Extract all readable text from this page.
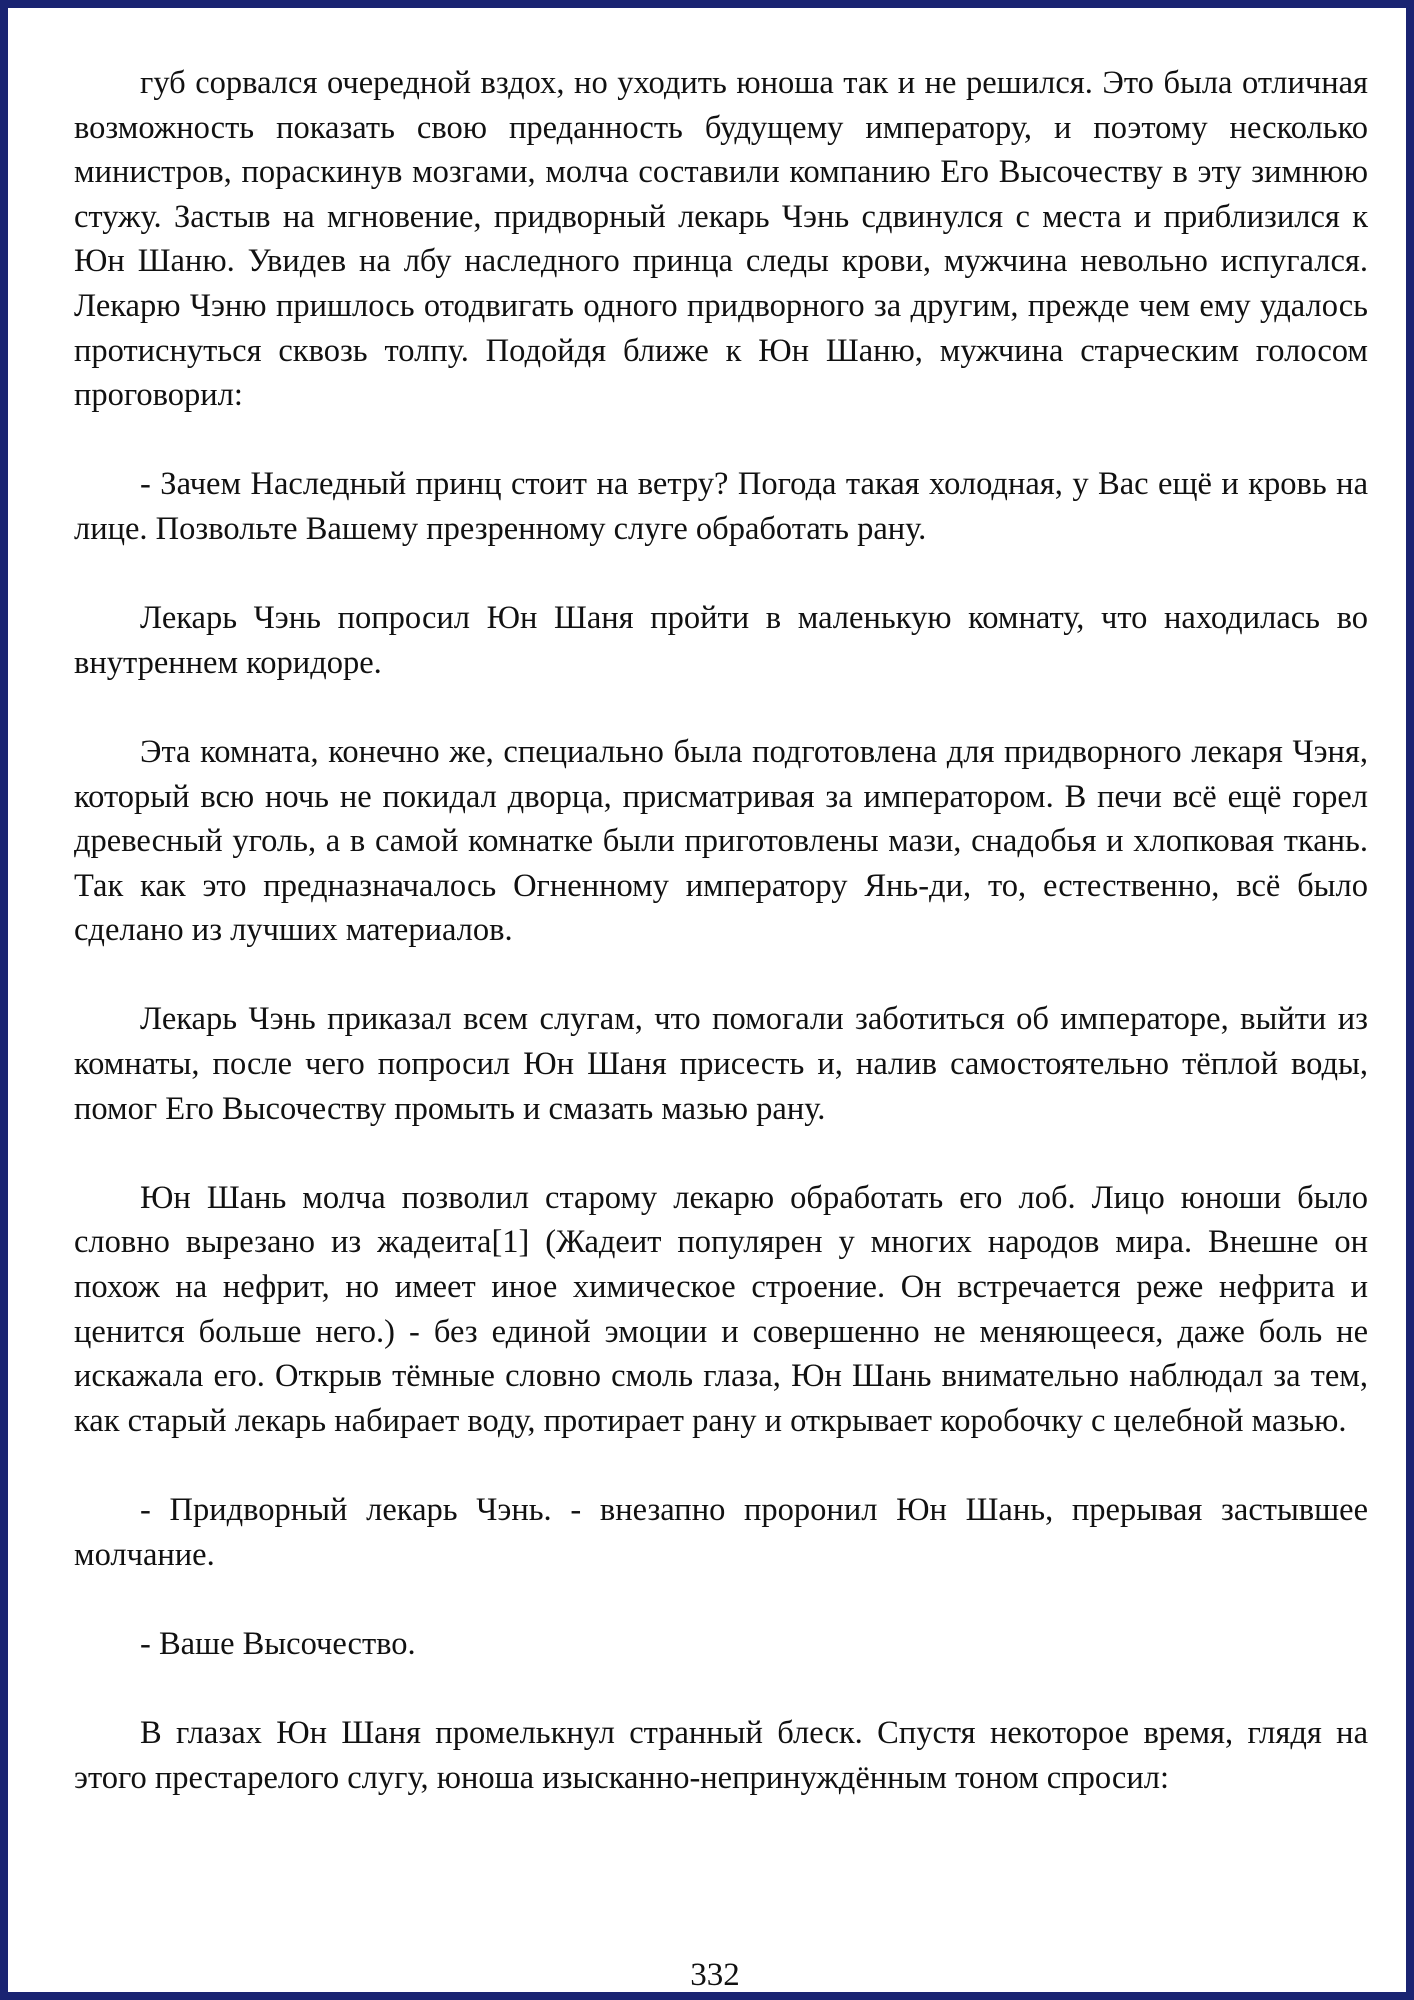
губ сорвался очередной вздох, но уходить юноша так и не решился. Это была отличная возможность показать свою преданность будущему императору, и поэтому несколько министров, пораскинув мозгами, молча составили компанию Его Высочеству в эту зимнюю стужу. Застыв на мгновение, придворный лекарь Чэнь сдвинулся с места и приблизился к Юн Шаню. Увидев на лбу наследного принца следы крови, мужчина невольно испугался. Лекарю Чэню пришлось отодвигать одного придворного за другим, прежде чем ему удалось протиснуться сквозь толпу. Подойдя ближе к Юн Шаню, мужчина старческим голосом проговорил:

- Зачем Наследный принц стоит на ветру? Погода такая холодная, у Вас ещё и кровь на лице. Позвольте Вашему презренному слуге обработать рану.

Лекарь Чэнь попросил Юн Шаня пройти в маленькую комнату, что находилась во внутреннем коридоре.

Эта комната, конечно же, специально была подготовлена для придворного лекаря Чэня, который всю ночь не покидал дворца, присматривая за императором. В печи всё ещё горел древесный уголь, а в самой комнатке были приготовлены мази, снадобья и хлопковая ткань. Так как это предназначалось Огненному императору Янь-ди, то, естественно, всё было сделано из лучших материалов.

Лекарь Чэнь приказал всем слугам, что помогали заботиться об императоре, выйти из комнаты, после чего попросил Юн Шаня присесть и, налив самостоятельно тёплой воды, помог Его Высочеству промыть и смазать мазью рану.

Юн Шань молча позволил старому лекарю обработать его лоб. Лицо юноши было словно вырезано из жадеита[1] (Жадеит популярен у многих народов мира. Внешне он похож на нефрит, но имеет иное химическое строение. Он встречается реже нефрита и ценится больше него.) - без единой эмоции и совершенно не меняющееся, даже боль не искажала его. Открыв тёмные словно смоль глаза, Юн Шань внимательно наблюдал за тем, как старый лекарь набирает воду, протирает рану и открывает коробочку с целебной мазью.

- Придворный лекарь Чэнь. - внезапно проронил Юн Шань, прерывая застывшее молчание.

- Ваше Высочество.

В глазах Юн Шаня промелькнул странный блеск. Спустя некоторое время, глядя на этого престарелого слугу, юноша изысканно-непринуждённым тоном спросил:

332
